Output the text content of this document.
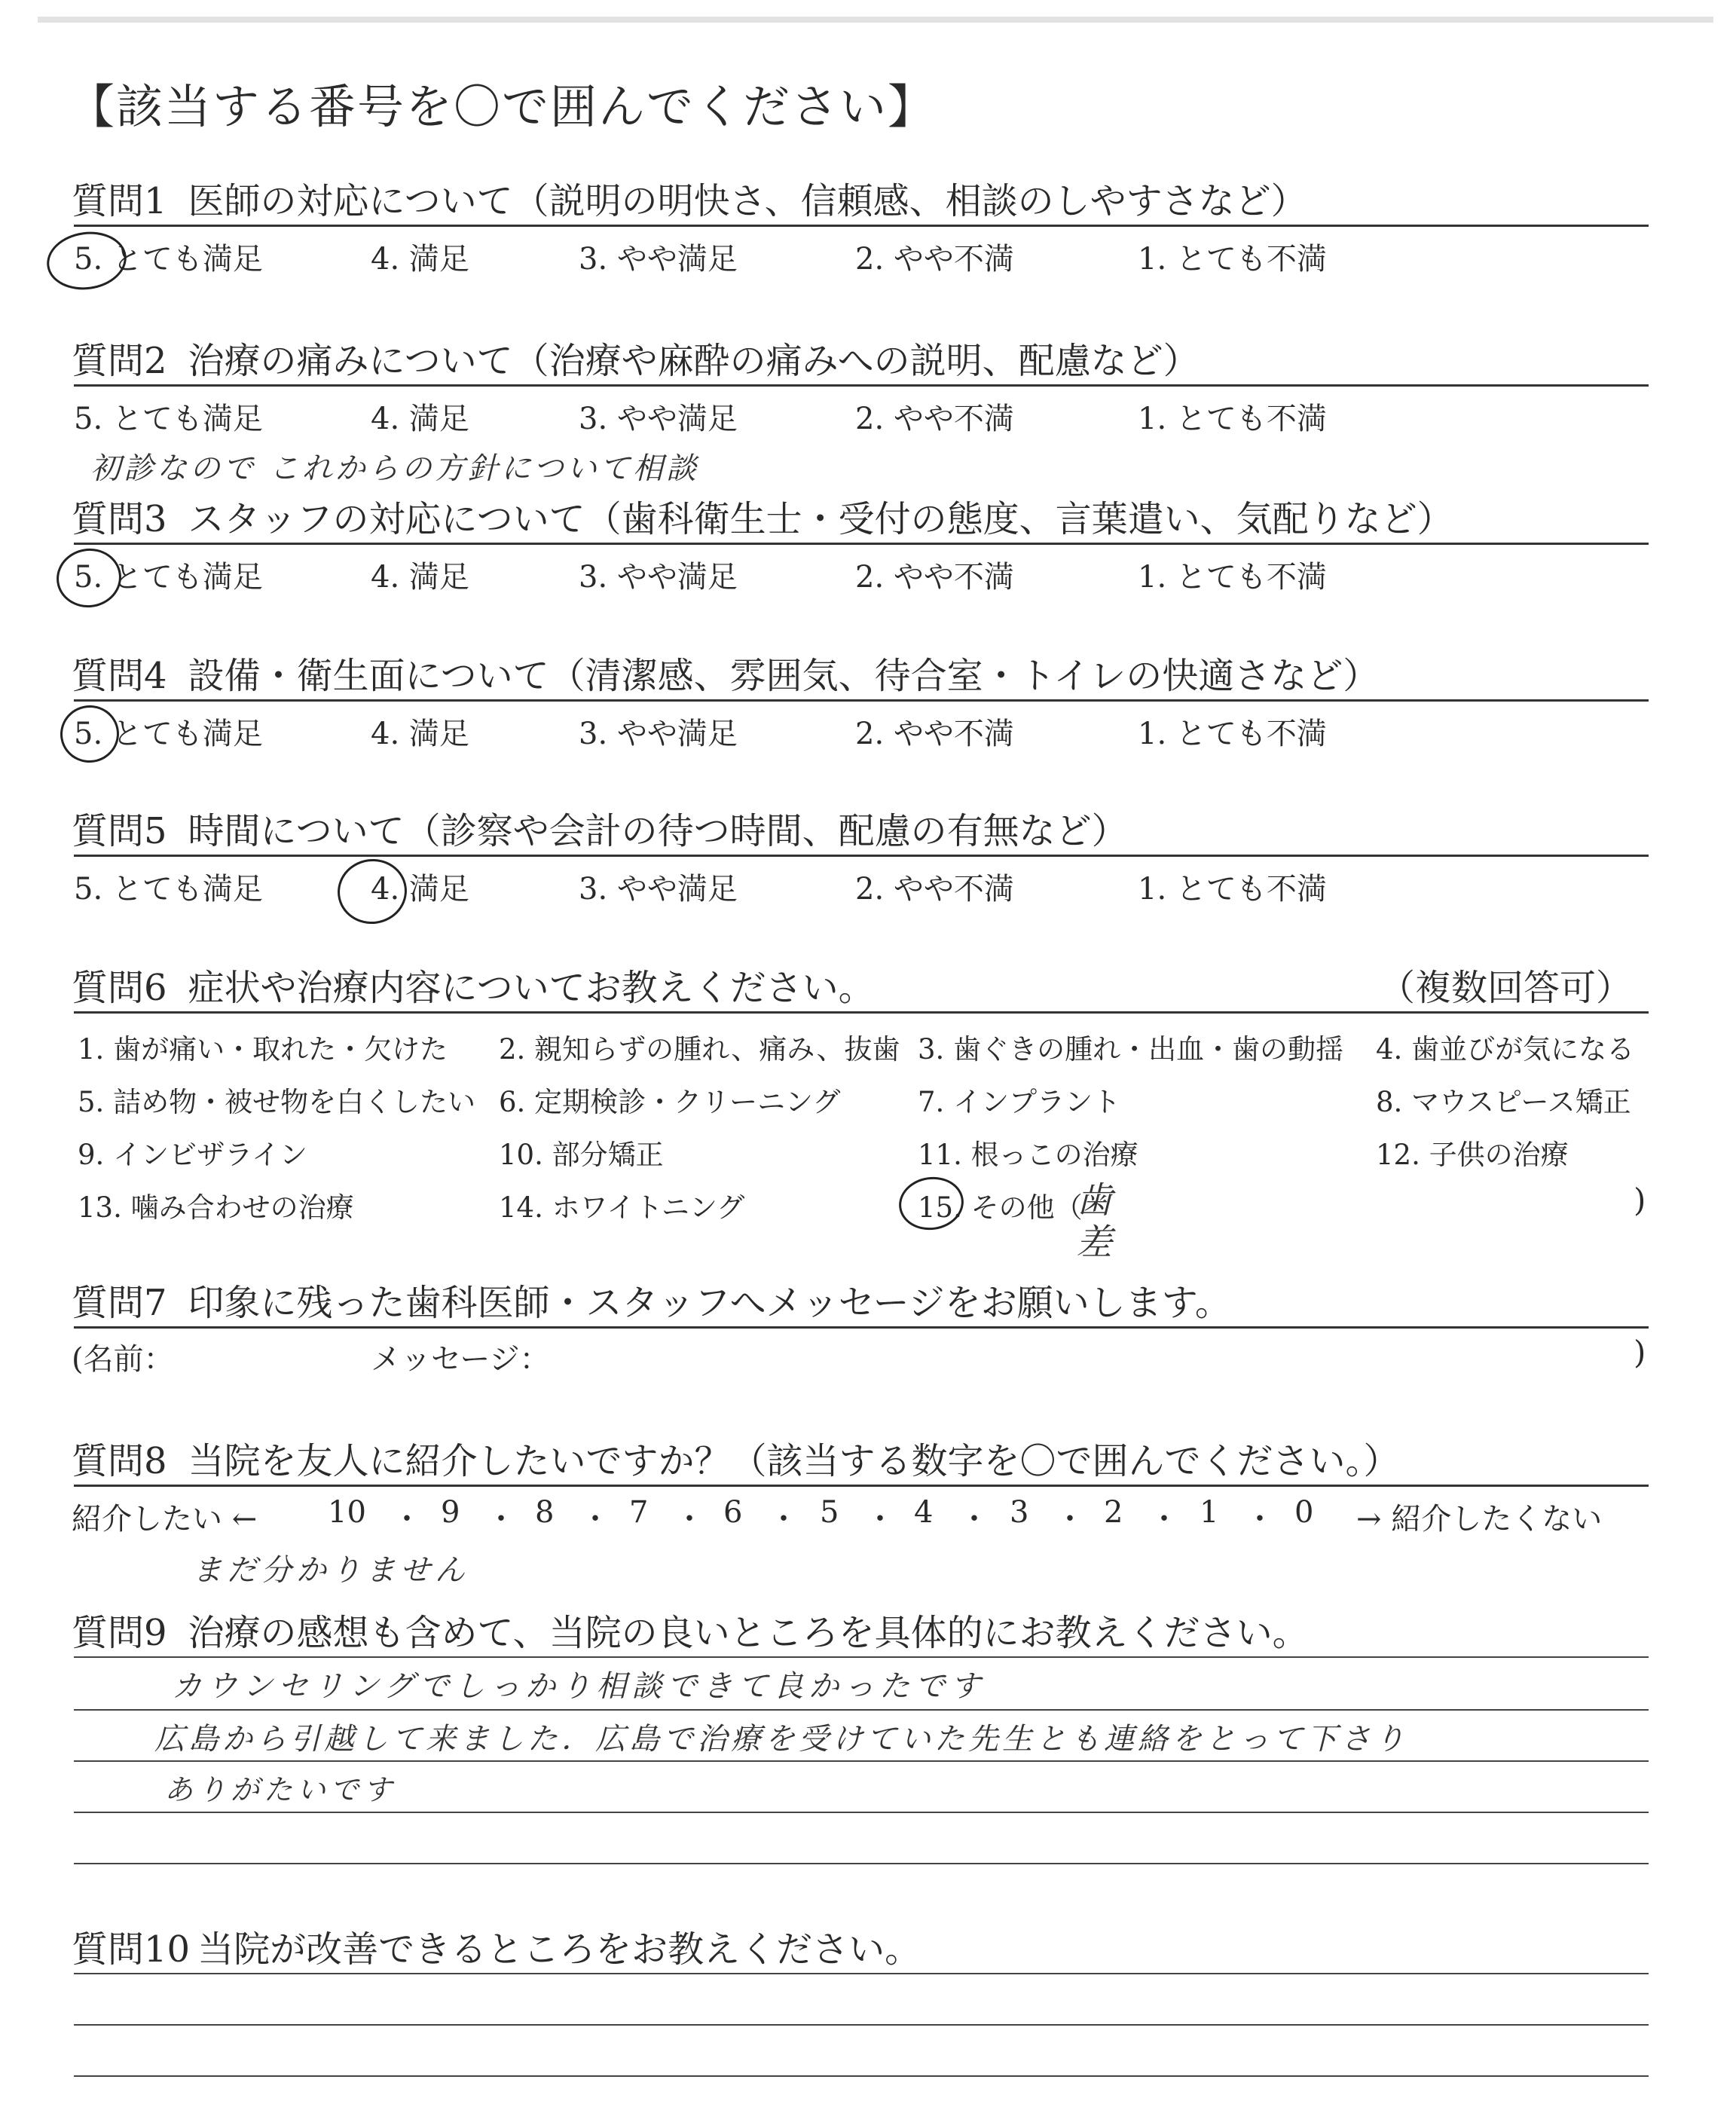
【該当する番号を〇で囲んでください】
質問1 医師の対応について（説明の明快さ、信頼感、相談のしやすさなど）
5. とても満足	4. 満足	3. やや満足	2. やや不満	1. とても不満
質問2 治療の痛みについて（治療や麻酔の痛みへの説明、配慮など）
5. とても満足	4. 満足	3. やや満足	2. やや不満	1. とても不満
初診なので これからの方針について相談
質問3 スタッフの対応について（歯科衛生士・受付の態度、言葉遣い、気配りなど）
5. とても満足	4. 満足	3. やや満足	2. やや不満	1. とても不満
質問4 設備・衛生面について（清潔感、雰囲気、待合室・トイレの快適さなど）
5. とても満足	4. 満足	3. やや満足	2. やや不満	1. とても不満
質問5 時間について（診察や会計の待つ時間、配慮の有無など）
5. とても満足	4. 満足	3. やや満足	2. やや不満	1. とても不満
質問6 症状や治療内容についてお教えください。	（複数回答可）
1. 歯が痛い・取れた・欠けた 2. 親知らずの腫れ、痛み、抜歯 3. 歯ぐきの腫れ・出血・歯の動揺 4. 歯並びが気になる
5. 詰め物・被せ物を白くしたい 6. 定期検診・クリーニング	7. インプラント	8. マウスピース矯正
9. インビザライン	10. 部分矯正	11. 根っこの治療	12. 子供の治療
13. 噛み合わせの治療	14. ホワイトニング	15. その他（	)
歯 差
質問7 印象に残った歯科医師・スタッフへメッセージをお願いします。
(名前：	メッセージ：	)
質問8 当院を友人に紹介したいですか？（該当する数字を〇で囲んでください。）
紹介したい ← 10 ・ 9 ・ 8 ・ 7 ・ 6 ・ 5 ・ 4 ・ 3 ・ 2 ・ 1 ・ 0 → 紹介したくない
まだ分かりません
質問9 治療の感想も含めて、当院の良いところを具体的にお教えください。
カウンセリングでしっかり相談できて良かったです
広島から引越して来ました．広島で治療を受けていた先生とも連絡をとって下さり
ありがたいです
質問10 当院が改善できるところをお教えください。
